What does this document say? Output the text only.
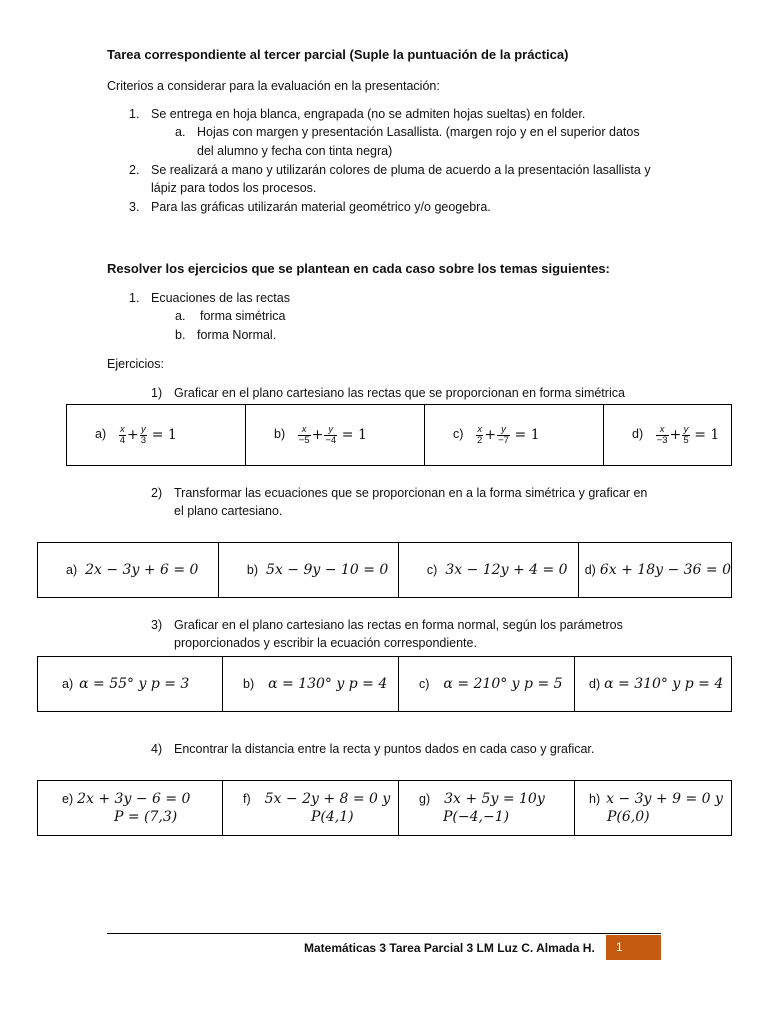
Tarea correspondiente al tercer parcial (Suple la puntuación de la práctica)
Criterios a considerar para la evaluación en la presentación:
1. Se entrega en hoja blanca, engrapada (no se admiten hojas sueltas) en folder.
a. Hojas con margen y presentación Lasallista. (margen rojo y en el superior datos
del alumno y fecha con tinta negra)
2. Se realizará a mano y utilizarán colores de pluma de acuerdo a la presentación lasallista y
lápiz para todos los procesos.
3. Para las gráficas utilizarán material geométrico y/o geogebra.
Resolver los ejercicios que se plantean en cada caso sobre los temas siguientes:
1. Ecuaciones de las rectas
a. forma simétrica
b. forma Normal.
Ejercicios:
1) Graficar en el plano cartesiano las rectas que se proporcionan en forma simétrica
$a) \frac{x}{4} + \frac{y}{3} = 1$	$b) \frac{x}{-5} + \frac{y}{-4} = 1$	$c) \frac{x}{2} + \frac{y}{-7} = 1$	$d) \frac{x}{-3} + \frac{y}{5} = 1$
2) Transformar las ecuaciones que se proporcionan en a la forma simétrica y graficar en
el plano cartesiano.
a) 2x − 3y + 6 = 0	b) 5x − 9y − 10 = 0	c) 3x − 12y + 4 = 0	d) 6x + 18y − 36 = 0
3) Graficar en el plano cartesiano las rectas en forma normal, según los parámetros
proporcionados y escribir la ecuación correspondiente.
a) α = 55° y p = 3	b) α = 130° y p = 4	c) α = 210° y p = 5	d) α = 310° y p = 4
4) Encontrar la distancia entre la recta y puntos dados en cada caso y graficar.
e) 2x + 3y − 6 = 0
P = (7,3)	f) 5x − 2y + 8 = 0 y
P(4,1)	g) 3x + 5y = 10y
P(−4,−1)	h) x − 3y + 9 = 0 y
P(6,0)
Matemáticas 3 Tarea Parcial 3 LM Luz C. Almada H.	1
